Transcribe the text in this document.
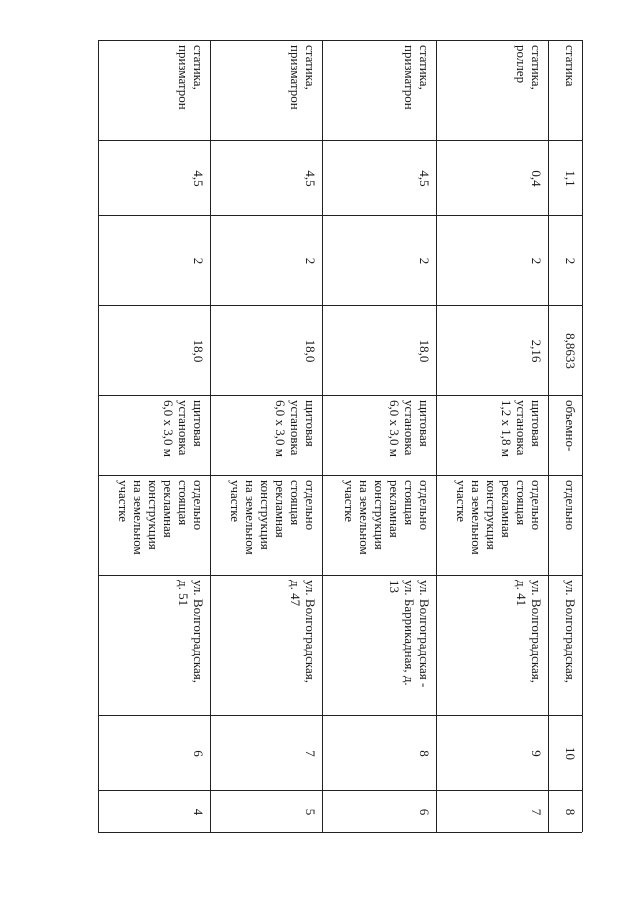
статика,
призматрон
4,5
2
18,0
щитовая
установка
6,0 x 3,0 м
отдельно
стоящая
рекламная
конструкция
на земельном
участке
ул. Волгоградская,
д. 51
6
4
статика,
призматрон
4,5
2
18,0
щитовая
установка
6,0 x 3,0 м
отдельно
стоящая
рекламная
конструкция
на земельном
участке
ул. Волгоградская,
д. 47
7
5
статика,
призматрон
4,5
2
18,0
щитовая
установка
6,0 x 3,0 м
отдельно
стоящая
рекламная
конструкция
на земельном
участке
ул. Волгоградская -
ул. Баррикадная, д.
13
8
6
статика,
роллер
0,4
2
2,16
щитовая
установка
1,2 x 1,8 м
отдельно
стоящая
рекламная
конструкция
на земельном
участке
ул. Волгоградская,
д. 41
9
7
статика
1,1
2
8,8633
объемно-
отдельно
ул. Волгоградская,
10
8
